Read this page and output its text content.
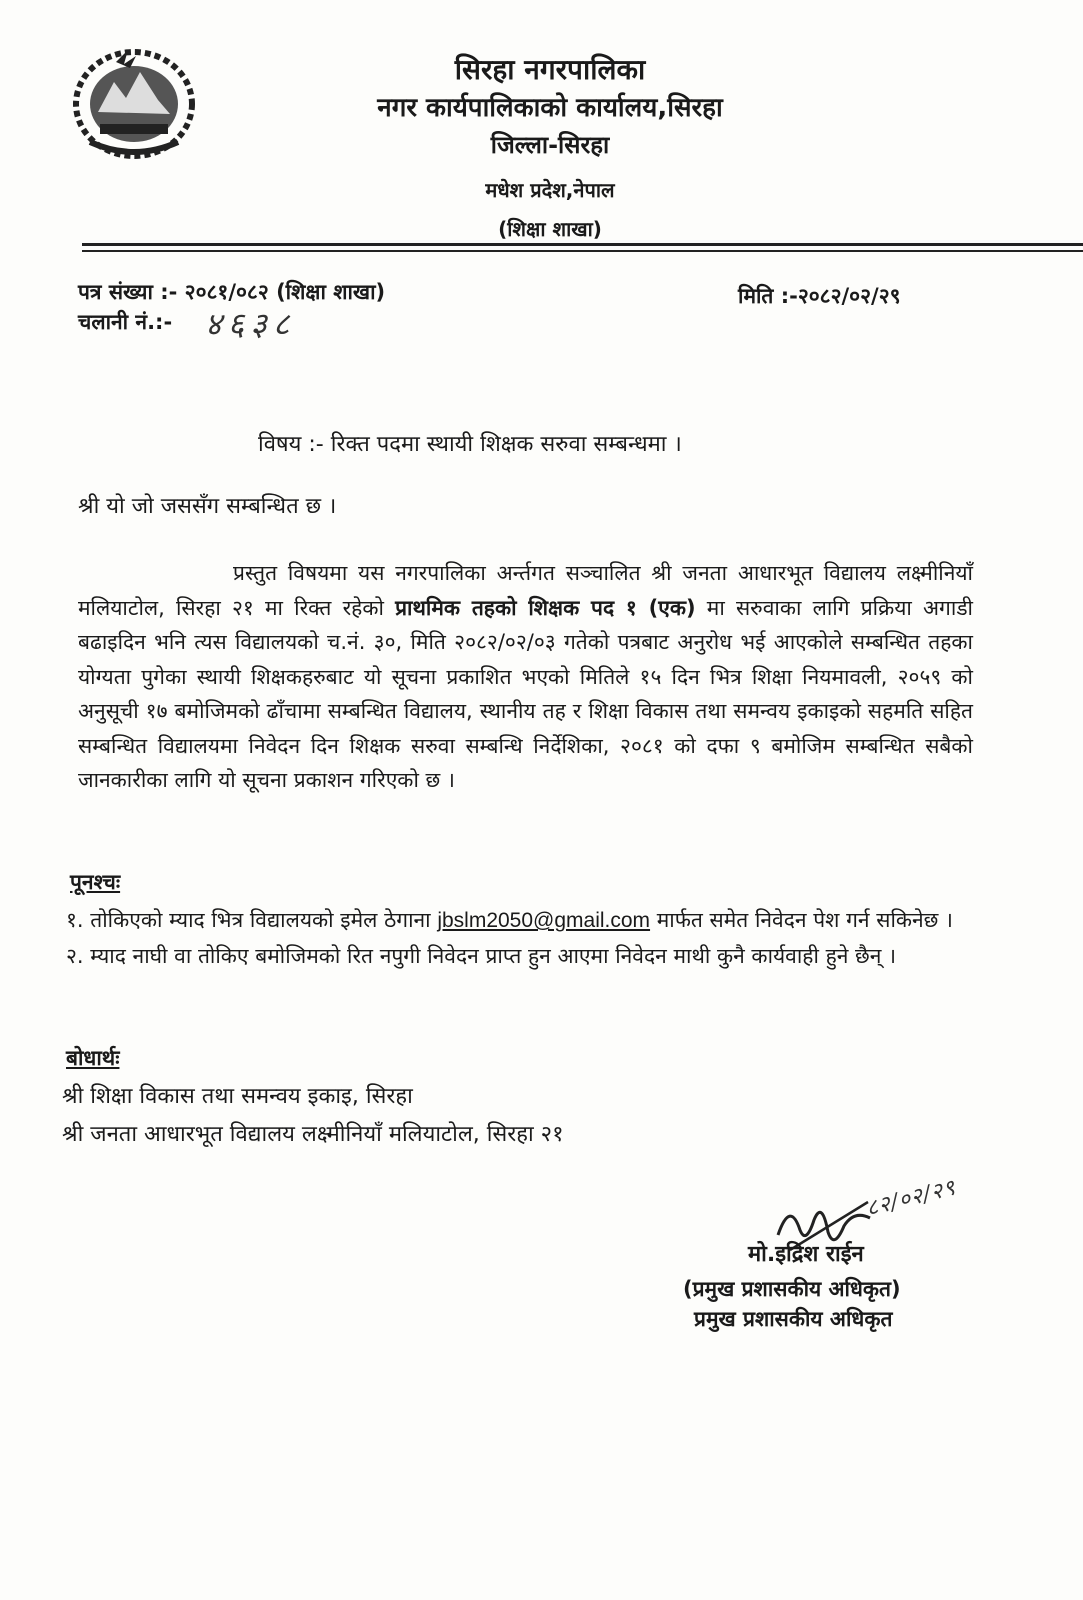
सिरहा नगरपालिका
नगर कार्यपालिकाको कार्यालय,सिरहा
जिल्ला-सिरहा
मधेश प्रदेश,नेपाल
(शिक्षा शाखा)
पत्र संख्या :- २०८१/०८२ (शिक्षा शाखा)
चलानी नं.:- ४६३८
मिति :-२०८२/०२/२९
विषय :- रिक्त पदमा स्थायी शिक्षक सरुवा सम्बन्धमा ।
श्री यो जो जससँग सम्बन्धित छ ।

प्रस्तुत विषयमा यस नगरपालिका अर्न्तगत सञ्चालित श्री जनता आधारभूत विद्यालय लक्ष्मीनियाँ मलियाटोल, सिरहा २१ मा रिक्त रहेको प्राथमिक तहको शिक्षक पद १ (एक) मा सरुवाका लागि प्रक्रिया अगाडी बढाइदिन भनि त्यस विद्यालयको च.नं. ३०, मिति २०८२/०२/०३ गतेको पत्रबाट अनुरोध भई आएकोले सम्बन्धित तहका योग्यता पुगेका स्थायी शिक्षकहरुबाट यो सूचना प्रकाशित भएको मितिले १५ दिन भित्र शिक्षा नियमावली, २०५९ को अनुसूची १७ बमोजिमको ढाँचामा सम्बन्धित विद्यालय, स्थानीय तह र शिक्षा विकास तथा समन्वय इकाइको सहमति सहित सम्बन्धित विद्यालयमा निवेदन दिन शिक्षक सरुवा सम्बन्धि निर्देशिका, २०८१ को दफा ९ बमोजिम सम्बन्धित सबैको जानकारीका लागि यो सूचना प्रकाशन गरिएको छ ।

पूनश्चः

१. तोकिएको म्याद भित्र विद्यालयको इमेल ठेगाना jbslm2050@gmail.com मार्फत समेत निवेदन पेश गर्न सकिनेछ ।

२. म्याद नाघी वा तोकिए बमोजिमको रित नपुगी निवेदन प्राप्त हुन आएमा निवेदन माथी कुनै कार्यवाही हुने छैन् ।

बोधार्थः
श्री शिक्षा विकास तथा समन्वय इकाइ, सिरहा
श्री जनता आधारभूत विद्यालय लक्ष्मीनियाँ मलियाटोल, सिरहा २१
८२/०२/२९
मो.इद्रिश राईन
(प्रमुख प्रशासकीय अधिकृत)
प्रमुख प्रशासकीय अधिकृत
